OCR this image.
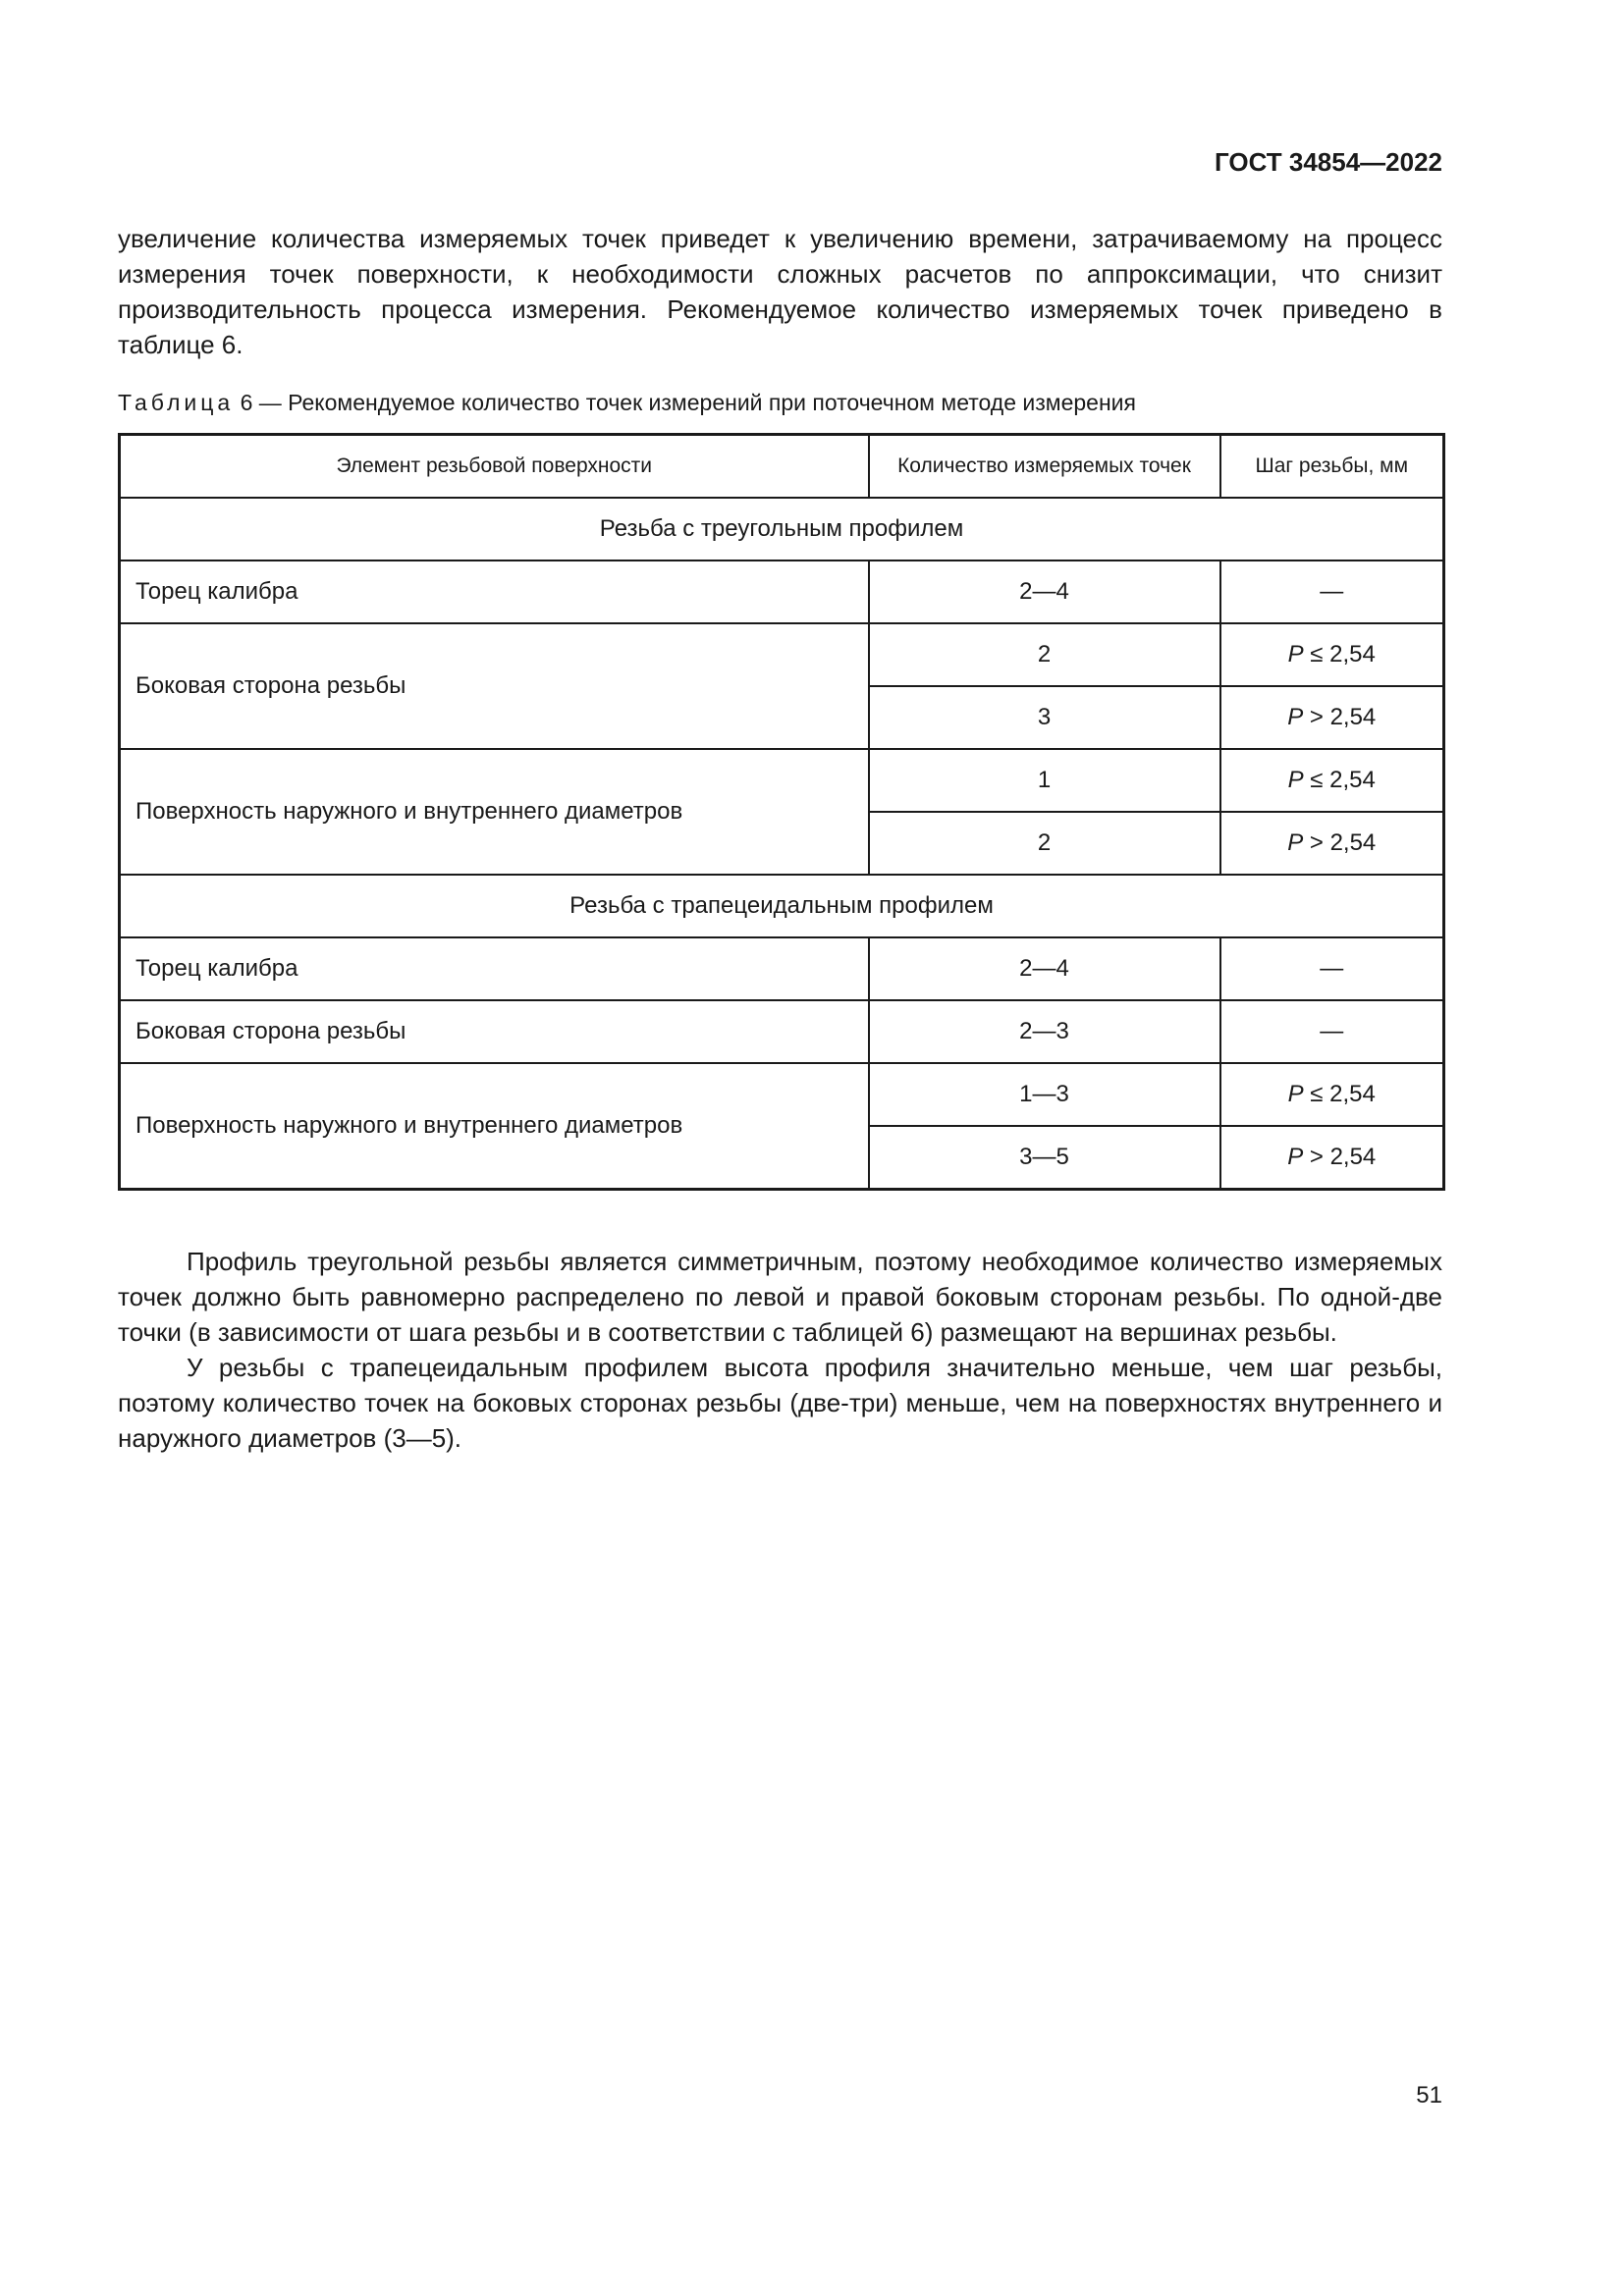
ГОСТ 34854—2022

увеличение количества измеряемых точек приведет к увеличению времени, затрачиваемому на процесс измерения точек поверхности, к необходимости сложных расчетов по аппроксимации, что снизит производительность процесса измерения. Рекомендуемое количество измеряемых точек приведено в таблице 6.

Таблица 6 — Рекомендуемое количество точек измерений при поточечном методе измерения
Элемент резьбовой поверхности	Количество измеряемых точек	Шаг резьбы, мм
Резьба с треугольным профилем		
Торец калибра	2—4	—
Боковая сторона резьбы	2	P ≤ 2,54
	3	P > 2,54
Поверхность наружного и внутреннего диаметров	1	P ≤ 2,54
	2	P > 2,54
Резьба с трапецеидальным профилем		
Торец калибра	2—4	—
Боковая сторона резьбы	2—3	—
Поверхность наружного и внутреннего диаметров	1—3	P ≤ 2,54
	3—5	P > 2,54

Профиль треугольной резьбы является симметричным, поэтому необходимое количество измеряемых точек должно быть равномерно распределено по левой и правой боковым сторонам резьбы. По одной-две точки (в зависимости от шага резьбы и в соответствии с таблицей 6) размещают на вершинах резьбы.

У резьбы с трапецеидальным профилем высота профиля значительно меньше, чем шаг резьбы, поэтому количество точек на боковых сторонах резьбы (две-три) меньше, чем на поверхностях внутреннего и наружного диаметров (3—5).

51
